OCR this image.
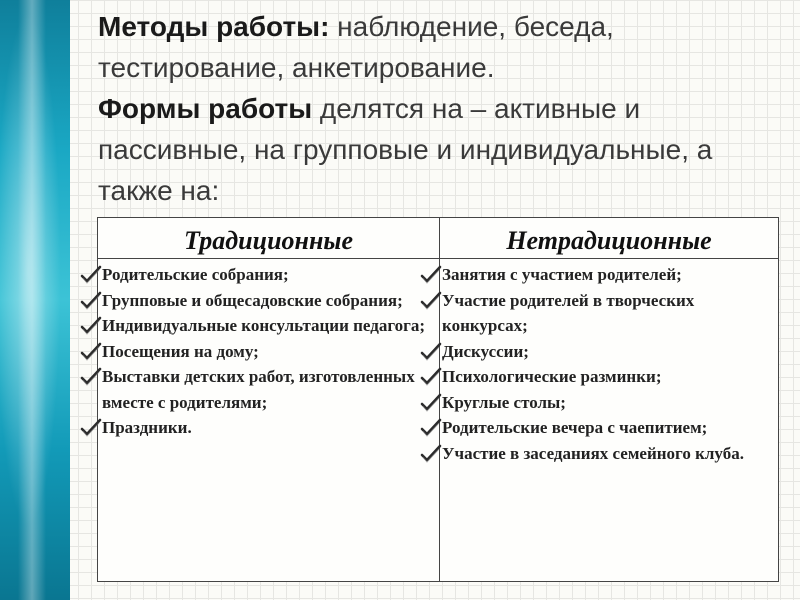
Методы работы: наблюдение, беседа, тестирование, анкетирование.
Формы работы делятся на – активные и пассивные, на групповые и индивидуальные, а также на:
Традиционные	Нетрадиционные
Родительские собрания;
Групповые и общесадовские собрания;
Индивидуальные консультации педагога;
Посещения на дому;
Выставки детских работ, изготовленных вместе с родителями;
Праздники.
Занятия с участием родителей;
Участие родителей в творческих конкурсах;
Дискуссии;
Психологические разминки;
Круглые столы;
Родительские вечера с чаепитием;
Участие в заседаниях семейного клуба.
